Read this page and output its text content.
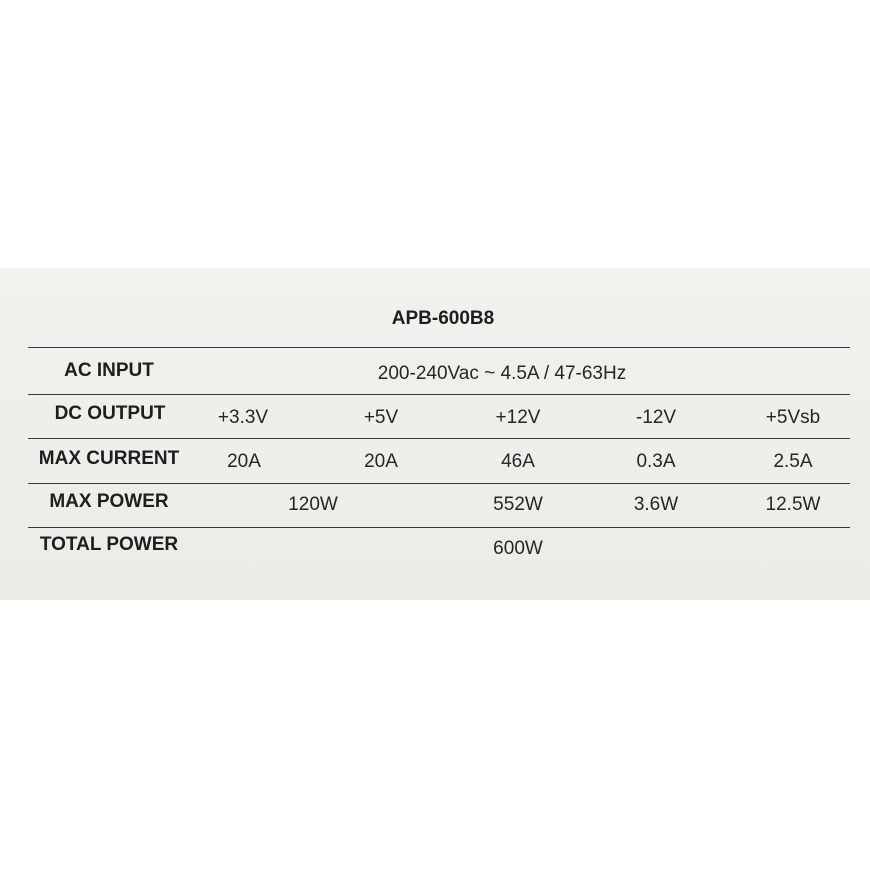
APB-600B8
AC INPUT	200-240Vac ~ 4.5A / 47-63Hz
DC OUTPUT	+3.3V	+5V	+12V	-12V	+5Vsb
MAX CURRENT	20A	20A	46A	0.3A	2.5A
MAX POWER	120W	552W	3.6W	12.5W
TOTAL POWER	600W
